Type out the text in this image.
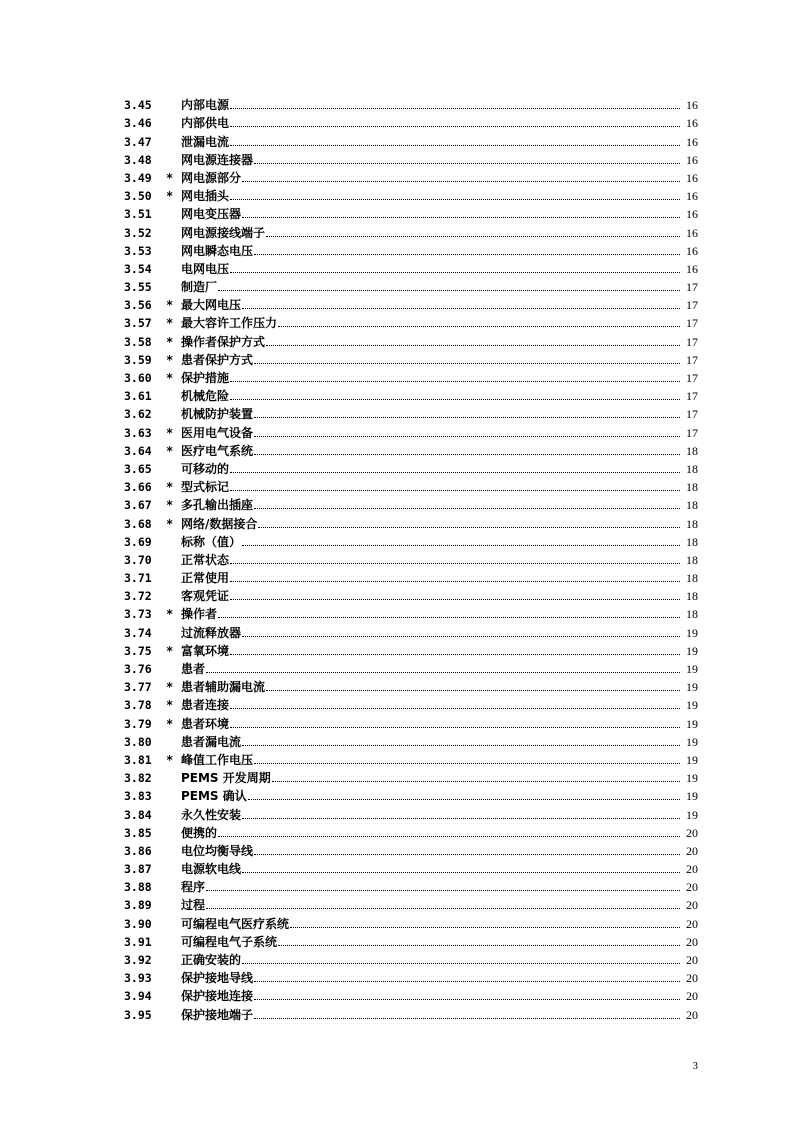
3.45	内部电源	16
3.46	内部供电	16
3.47	泄漏电流	16
3.48	网电源连接器	16
3.49	* 网电源部分	16
3.50	* 网电插头	16
3.51	网电变压器	16
3.52	网电源接线端子	16
3.53	网电瞬态电压	16
3.54	电网电压	16
3.55	制造厂	17
3.56	* 最大网电压	17
3.57	* 最大容许工作压力	17
3.58	* 操作者保护方式	17
3.59	* 患者保护方式	17
3.60	* 保护措施	17
3.61	机械危险	17
3.62	机械防护装置	17
3.63	* 医用电气设备	17
3.64	* 医疗电气系统	18
3.65	可移动的	18
3.66	* 型式标记	18
3.67	* 多孔输出插座	18
3.68	* 网络/数据接合	18
3.69	标称（值）	18
3.70	正常状态	18
3.71	正常使用	18
3.72	客观凭证	18
3.73	* 操作者	18
3.74	过流释放器	19
3.75	* 富氧环境	19
3.76	患者	19
3.77	* 患者辅助漏电流	19
3.78	* 患者连接	19
3.79	* 患者环境	19
3.80	患者漏电流	19
3.81	* 峰值工作电压	19
3.82	PEMS 开发周期	19
3.83	PEMS 确认	19
3.84	永久性安装	19
3.85	便携的	20
3.86	电位均衡导线	20
3.87	电源软电线	20
3.88	程序	20
3.89	过程	20
3.90	可编程电气医疗系统	20
3.91	可编程电气子系统	20
3.92	正确安装的	20
3.93	保护接地导线	20
3.94	保护接地连接	20
3.95	保护接地端子	20
3
